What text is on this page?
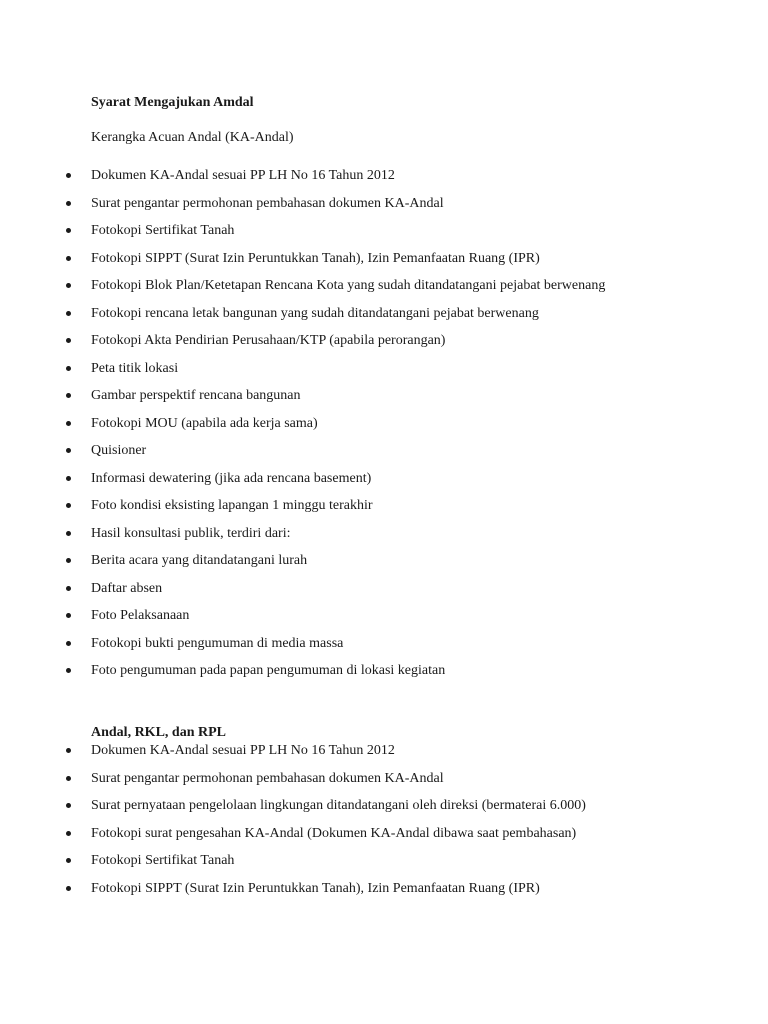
Syarat Mengajukan Amdal

Kerangka Acuan Andal (KA-Andal)

Dokumen KA-Andal sesuai PP LH No 16 Tahun 2012
Surat pengantar permohonan pembahasan dokumen KA-Andal
Fotokopi Sertifikat Tanah
Fotokopi SIPPT (Surat Izin Peruntukkan Tanah), Izin Pemanfaatan Ruang (IPR)
Fotokopi Blok Plan/Ketetapan Rencana Kota yang sudah ditandatangani pejabat berwenang
Fotokopi rencana letak bangunan yang sudah ditandatangani pejabat berwenang
Fotokopi Akta Pendirian Perusahaan/KTP (apabila perorangan)
Peta titik lokasi
Gambar perspektif rencana bangunan
Fotokopi MOU (apabila ada kerja sama)
Quisioner
Informasi dewatering (jika ada rencana basement)
Foto kondisi eksisting lapangan 1 minggu terakhir
Hasil konsultasi publik, terdiri dari:
Berita acara yang ditandatangani lurah
Daftar absen
Foto Pelaksanaan
Fotokopi bukti pengumuman di media massa
Foto pengumuman pada papan pengumuman di lokasi kegiatan
Andal, RKL, dan RPL
Dokumen KA-Andal sesuai PP LH No 16 Tahun 2012
Surat pengantar permohonan pembahasan dokumen KA-Andal
Surat pernyataan pengelolaan lingkungan ditandatangani oleh direksi (bermaterai 6.000)
Fotokopi surat pengesahan KA-Andal (Dokumen KA-Andal dibawa saat pembahasan)
Fotokopi Sertifikat Tanah
Fotokopi SIPPT (Surat Izin Peruntukkan Tanah), Izin Pemanfaatan Ruang (IPR)
